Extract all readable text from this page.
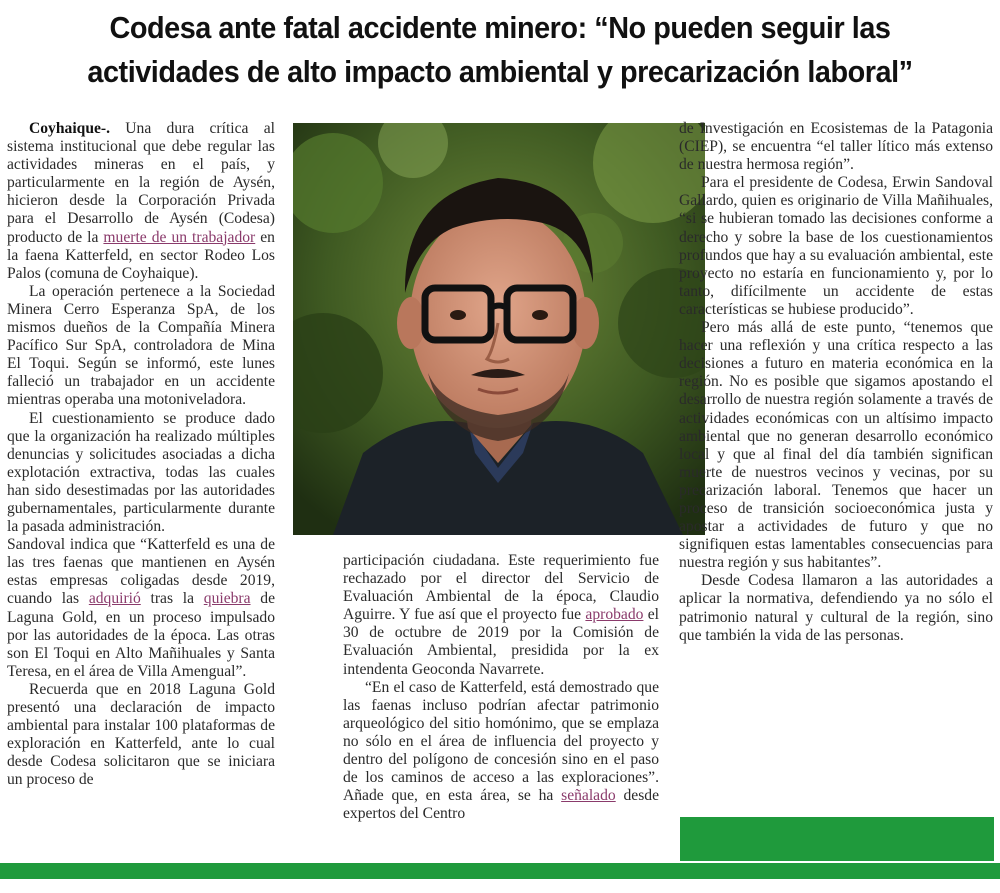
Codesa ante fatal accidente minero: “No pueden seguir las
actividades de alto impacto ambiental y precarización laboral”

Coyhaique-. Una dura crítica al sistema institucional que debe regular las actividades mineras en el país, y particularmente en la región de Aysén, hicieron desde la Corporación Privada para el Desarrollo de Aysén (Codesa) producto de la muerte de un trabajador en la faena Katterfeld, en sector Rodeo Los Palos (comuna de Coyhaique).

La operación pertenece a la Sociedad Minera Cerro Esperanza SpA, de los mismos dueños de la Compañía Minera Pacífico Sur SpA, controladora de Mina El Toqui. Según se informó, este lunes falleció un trabajador en un accidente mientras operaba una motoniveladora.

El cuestionamiento se produce dado que la organización ha realizado múltiples denuncias y solicitudes asociadas a dicha explotación extractiva, todas las cuales han sido desestimadas por las autoridades gubernamentales, particularmente durante la pasada administración.

Sandoval indica que “Katterfeld es una de las tres faenas que mantienen en Aysén estas empresas coligadas desde 2019, cuando las adquirió tras la quiebra de Laguna Gold, en un proceso impulsado por las autoridades de la época. Las otras son El Toqui en Alto Mañihuales y Santa Teresa, en el área de Villa Amengual”.

Recuerda que en 2018 Laguna Gold presentó una declaración de impacto ambiental para instalar 100 plataformas de exploración en Katterfeld, ante lo cual desde Codesa solicitaron que se iniciara un proceso de

participación ciudadana. Este requerimiento fue rechazado por el director del Servicio de Evaluación Ambiental de la época, Claudio Aguirre. Y fue así que el proyecto fue aprobado el 30 de octubre de 2019 por la Comisión de Evaluación Ambiental, presidida por la ex intendenta Geoconda Navarrete.

“En el caso de Katterfeld, está demostrado que las faenas incluso podrían afectar patrimonio arqueológico del sitio homónimo, que se emplaza no sólo en el área de influencia del proyecto y dentro del polígono de concesión sino en el paso de los caminos de acceso a las exploraciones”. Añade que, en esta área, se ha señalado desde expertos del Centro

de Investigación en Ecosistemas de la Patagonia (CIEP), se encuentra “el taller lítico más extenso de nuestra hermosa región”.

Para el presidente de Codesa, Erwin Sandoval Gallardo, quien es originario de Villa Mañihuales, “si se hubieran tomado las decisiones conforme a derecho y sobre la base de los cuestionamientos profundos que hay a su evaluación ambiental, este proyecto no estaría en funcionamiento y, por lo tanto, difícilmente un accidente de estas características se hubiese producido”.

Pero más allá de este punto, “tenemos que hacer una reflexión y una crítica respecto a las decisiones a futuro en materia económica en la región. No es posible que sigamos apostando el desarrollo de nuestra región solamente a través de actividades económicas con un altísimo impacto ambiental que no generan desarrollo económico local y que al final del día también significan muerte de nuestros vecinos y vecinas, por su precarización laboral. Tenemos que hacer un proceso de transición socioeconómica justa y apostar a actividades de futuro y que no signifiquen estas lamentables consecuencias para nuestra región y sus habitantes”.

Desde Codesa llamaron a las autoridades a aplicar la normativa, defendiendo ya no sólo el patrimonio natural y cultural de la región, sino que también la vida de las personas.
